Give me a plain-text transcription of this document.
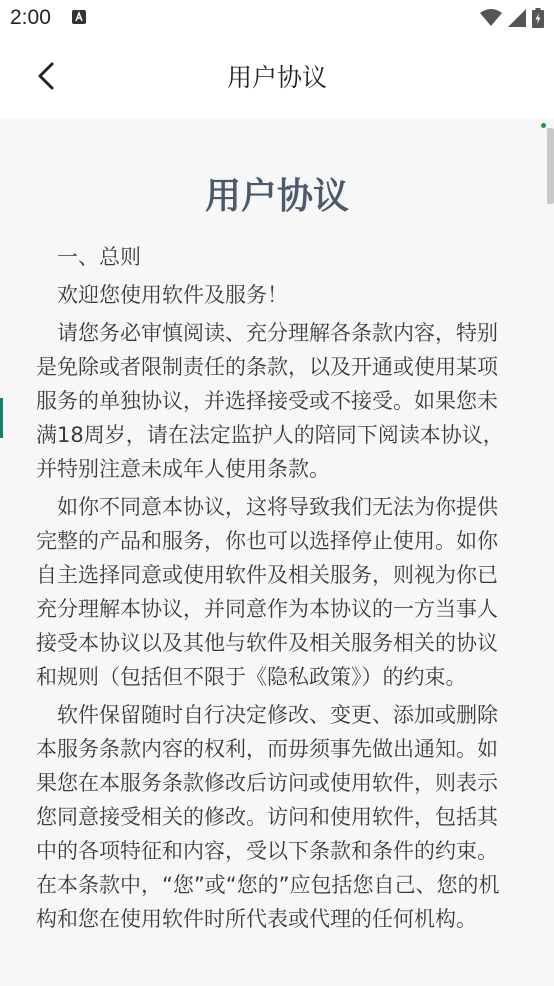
2:00
用户协议
用户协议

一、总则

欢迎您使用软件及服务！

请您务必审慎阅读、充分理解各条款内容，特别是免除或者限制责任的条款，以及开通或使用某项服务的单独协议，并选择接受或不接受。如果您未满18周岁，请在法定监护人的陪同下阅读本协议，并特别注意未成年人使用条款。

如你不同意本协议，这将导致我们无法为你提供完整的产品和服务，你也可以选择停止使用。如你自主选择同意或使用软件及相关服务，则视为你已充分理解本协议，并同意作为本协议的一方当事人接受本协议以及其他与软件及相关服务相关的协议和规则（包括但不限于《隐私政策》）的约束。

软件保留随时自行决定修改、变更、添加或删除本服务条款内容的权利，而毋须事先做出通知。如果您在本服务条款修改后访问或使用软件，则表示您同意接受相关的修改。访问和使用软件，包括其中的各项特征和内容，受以下条款和条件的约束。在本条款中，“您”或“您的”应包括您自己、您的机构和您在使用软件时所代表或代理的任何机构。
